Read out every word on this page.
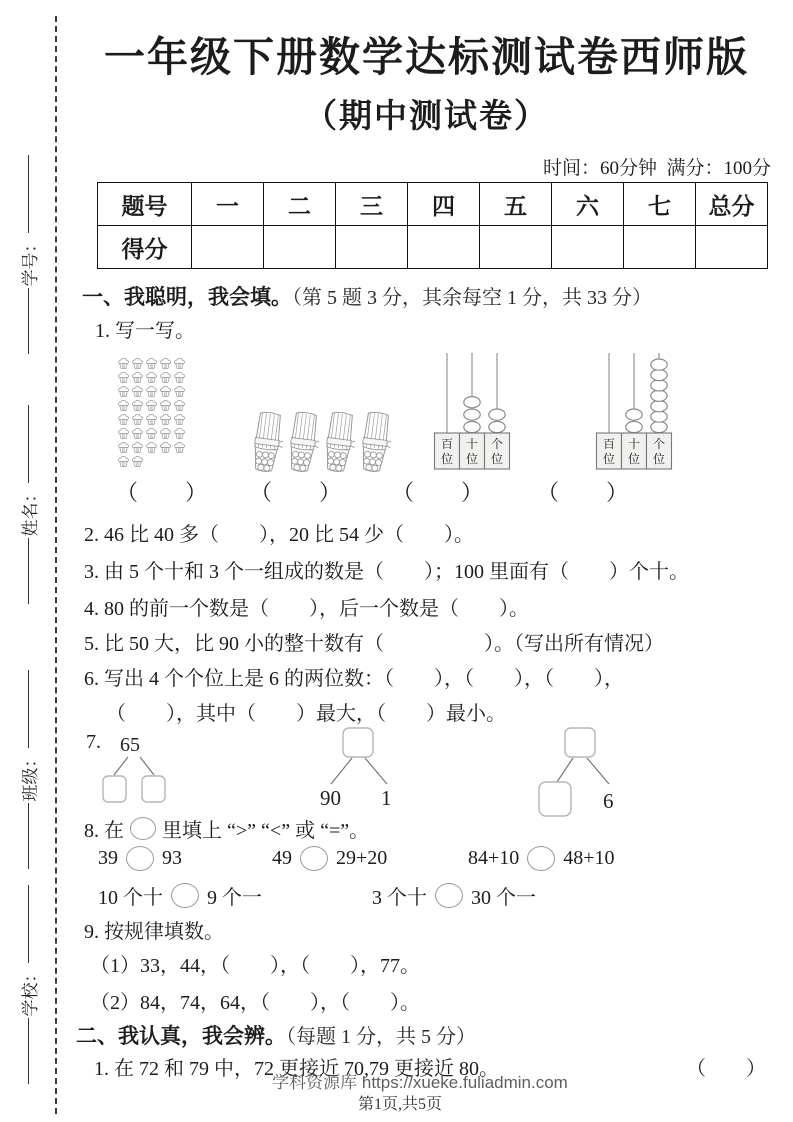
学号：
姓名：
班级：
学校：
一年级下册数学达标测试卷西师版
（期中测试卷）
时间：60分钟  满分：100分
题号	一	二	三	四	五	六	七	总分
得分								
一、我聪明，我会填。（第 5 题 3 分，其余每空 1 分，共 33 分）
1. 写一写。
百
位
十
位
个
位
百
位
十
位
个
位
（　　） （　　） （　　） （　　）
2. 46 比 40 多（　　），20 比 54 少（　　）。
3. 由 5 个十和 3 个一组成的数是（　　）；100 里面有（　　）个十。
4. 80 的前一个数是（　　），后一个数是（　　）。
5. 比 50 大，比 90 小的整十数有（　　　　　）。（写出所有情况）
6. 写出 4 个个位上是 6 的两位数：（　　），（　　），（　　），
（　　），其中（　　）最大，（　　）最小。
7. 65
90 1	6
8. 在 里填上 “>” “<” 或 “=”。
39 93	49 29+20	84+10 48+10
10 个十 9 个一	3 个十 30 个一
9. 按规律填数。
（1）33，44，（　　），（　　），77。
（2）84，74，64，（　　），（　　）。
二、我认真，我会辨。（每题 1 分，共 5 分）
1. 在 72 和 79 中，72 更接近 70,79 更接近 80。	（　　）
学科资源库 https://xueke.fuliadmin.com
第1页,共5页
